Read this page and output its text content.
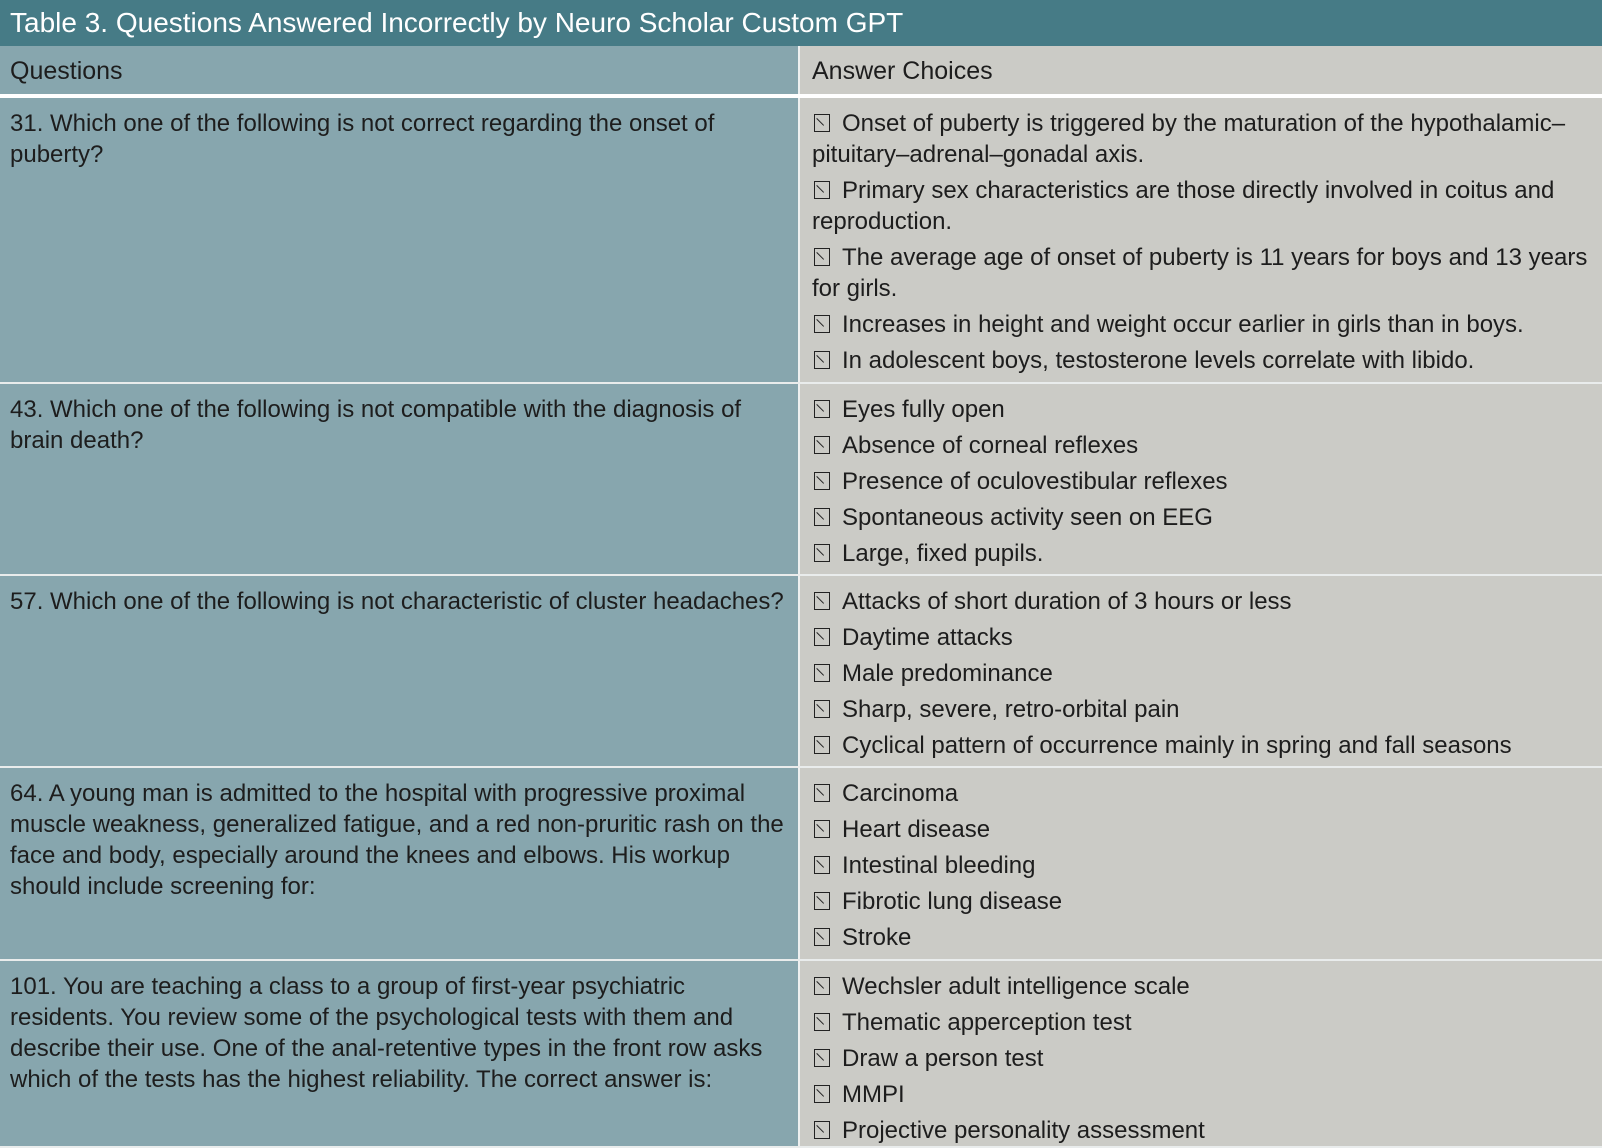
Table 3. Questions Answered Incorrectly by Neuro Scholar Custom GPT
Questions	Answer Choices
31. Which one of the following is not correct regarding the onset of puberty?
Onset of puberty is triggered by the maturation of the hypothalamic–pituitary–adrenal–gonadal axis.
Primary sex characteristics are those directly involved in coitus and reproduction.
The average age of onset of puberty is 11 years for boys and 13 years for girls.
Increases in height and weight occur earlier in girls than in boys.
In adolescent boys, testosterone levels correlate with libido.
43. Which one of the following is not compatible with the diagnosis of brain death?
Eyes fully open
Absence of corneal reflexes
Presence of oculovestibular reflexes
Spontaneous activity seen on EEG
Large, fixed pupils.
57. Which one of the following is not characteristic of cluster headaches?	Attacks of short duration of 3 hours or less
Daytime attacks
Male predominance
Sharp, severe, retro-orbital pain
Cyclical pattern of occurrence mainly in spring and fall seasons
64. A young man is admitted to the hospital with progressive proximal muscle weakness, generalized fatigue, and a red non-pruritic rash on the face and body, especially around the knees and elbows. His workup should include screening for:
Carcinoma
Heart disease
Intestinal bleeding
Fibrotic lung disease
Stroke
101. You are teaching a class to a group of first-year psychiatric residents. You review some of the psychological tests with them and describe their use. One of the anal-retentive types in the front row asks which of the tests has the highest reliability. The correct answer is:
Wechsler adult intelligence scale
Thematic apperception test
Draw a person test
MMPI
Projective personality assessment
